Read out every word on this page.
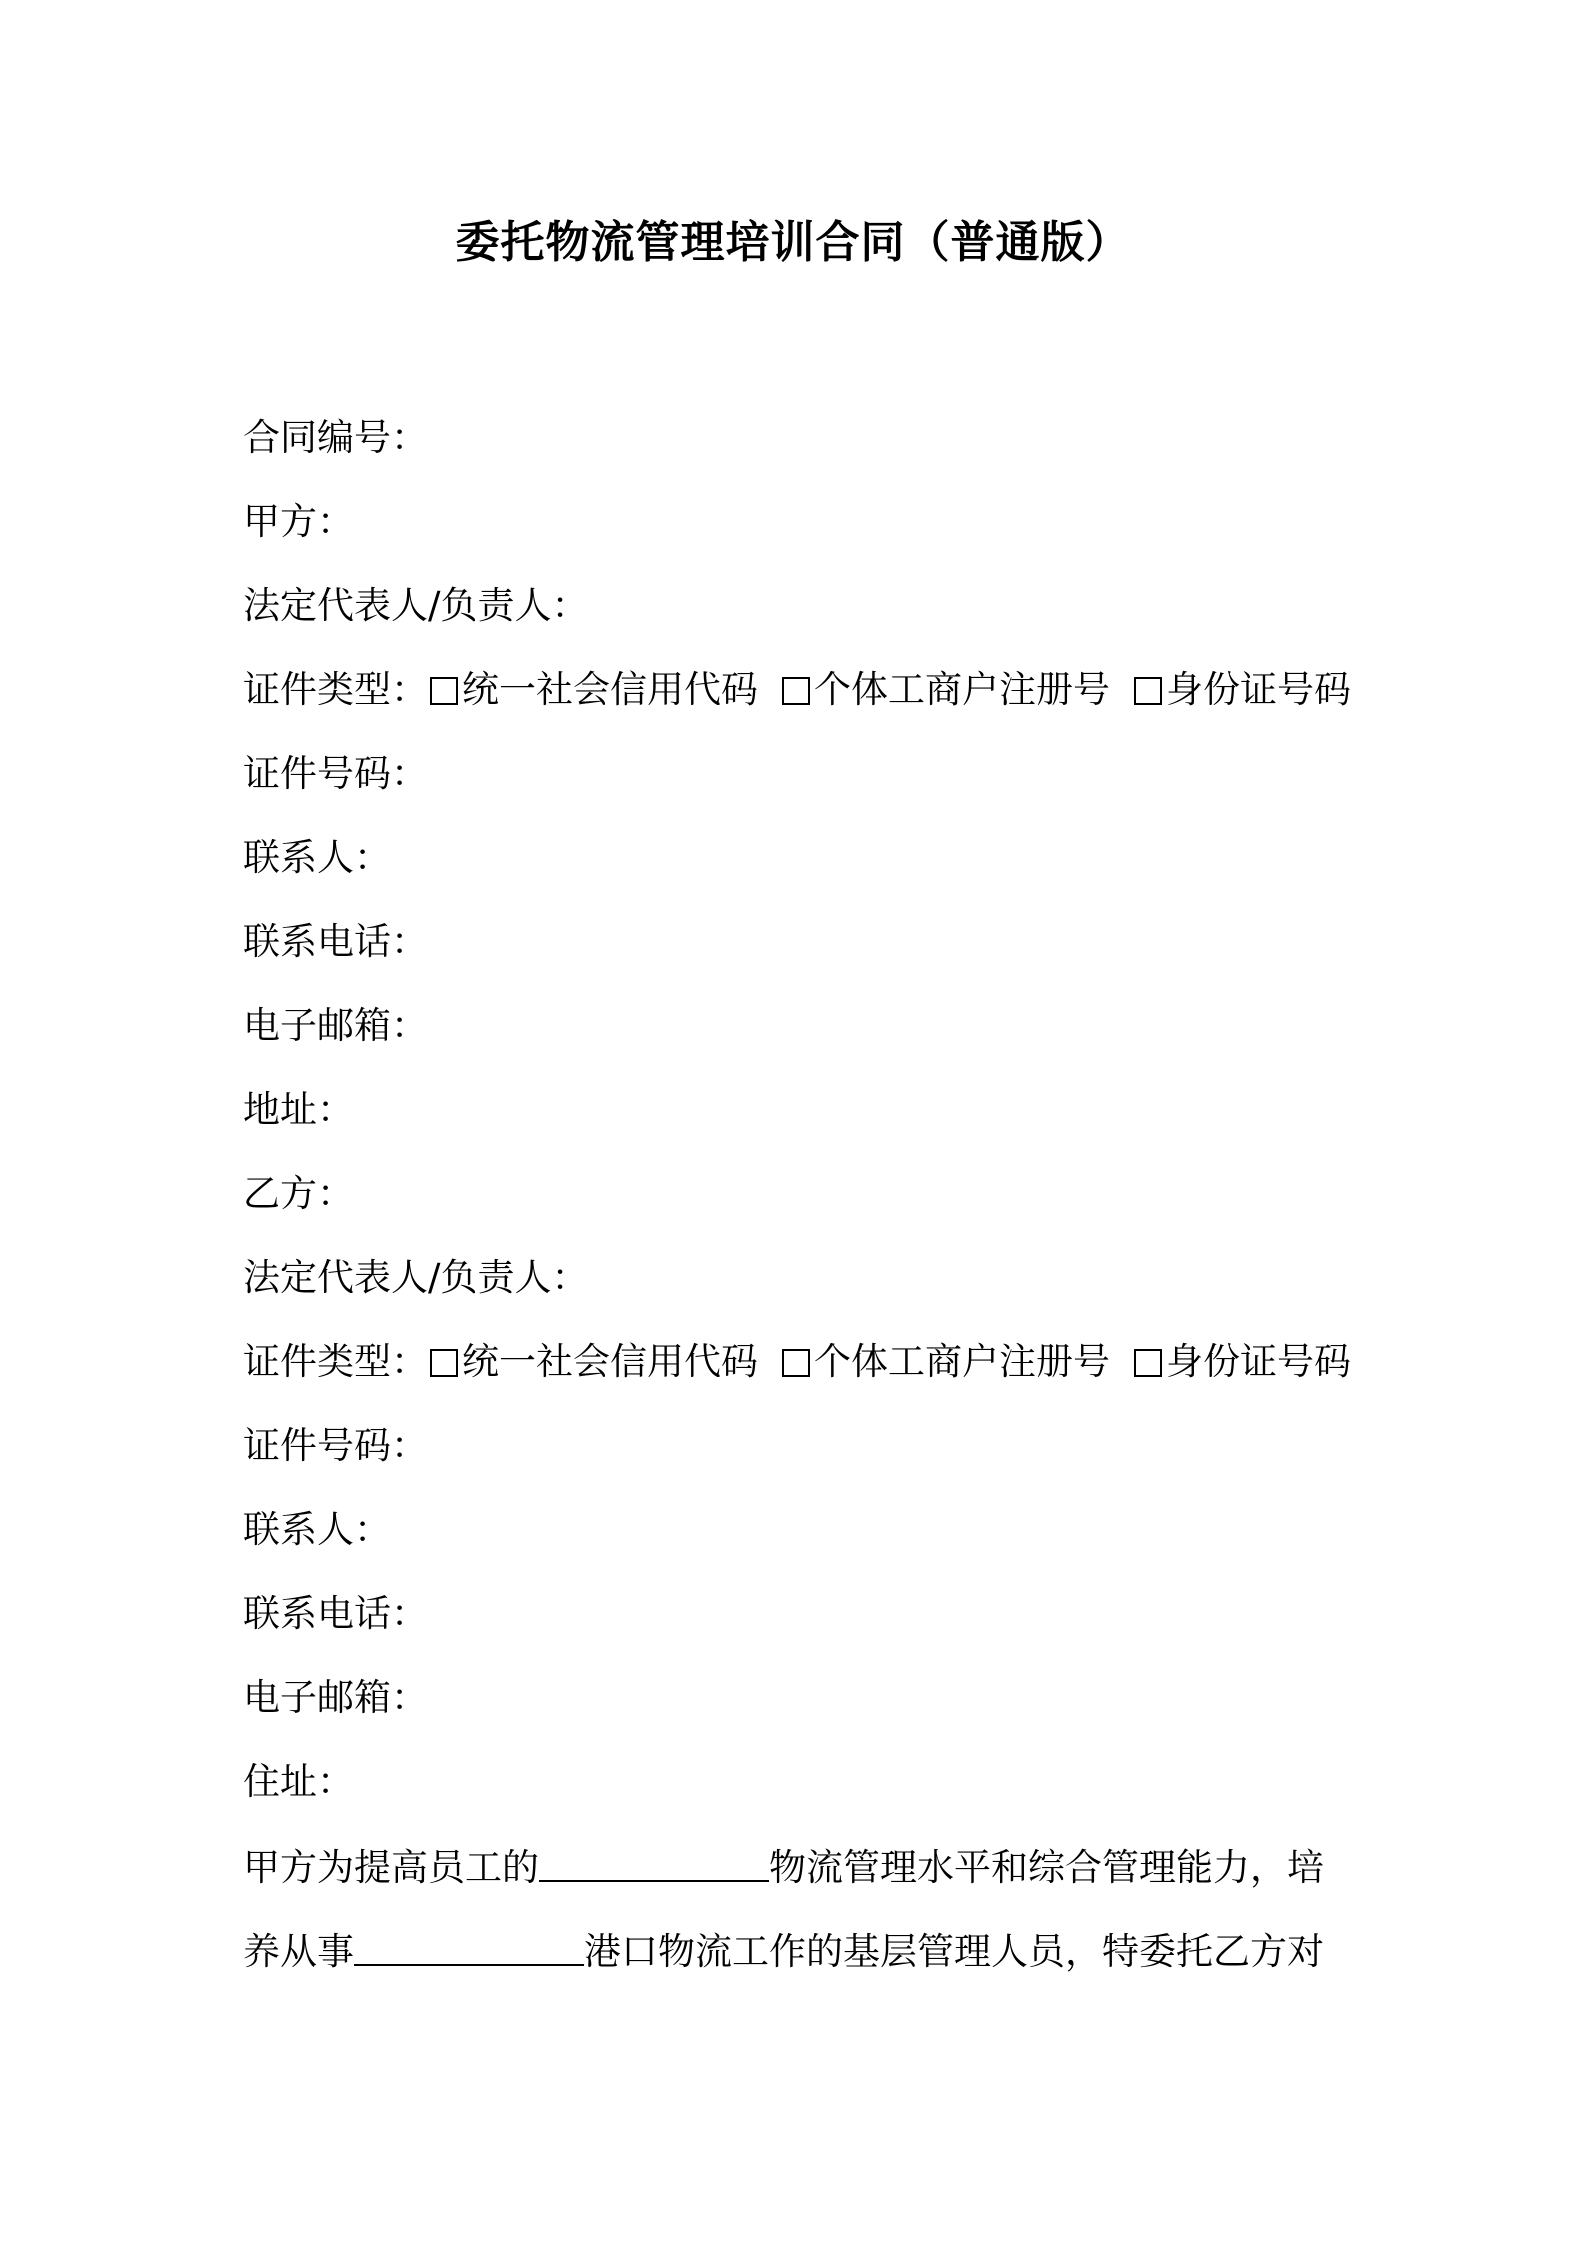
委托物流管理培训合同（普通版）
合同编号：
甲方：
法定代表人/负责人：
证件类型： 统一社会信用代码 个体工商户注册号 身份证号码
证件号码：
联系人：
联系电话：
电子邮箱：
地址：
乙方：
法定代表人/负责人：
证件类型： 统一社会信用代码 个体工商户注册号 身份证号码
证件号码：
联系人：
联系电话：
电子邮箱：
住址：
甲方为提高员工的	物流管理水平和综合管理能力，培
养从事	港口物流工作的基层管理人员，特委托乙方对
